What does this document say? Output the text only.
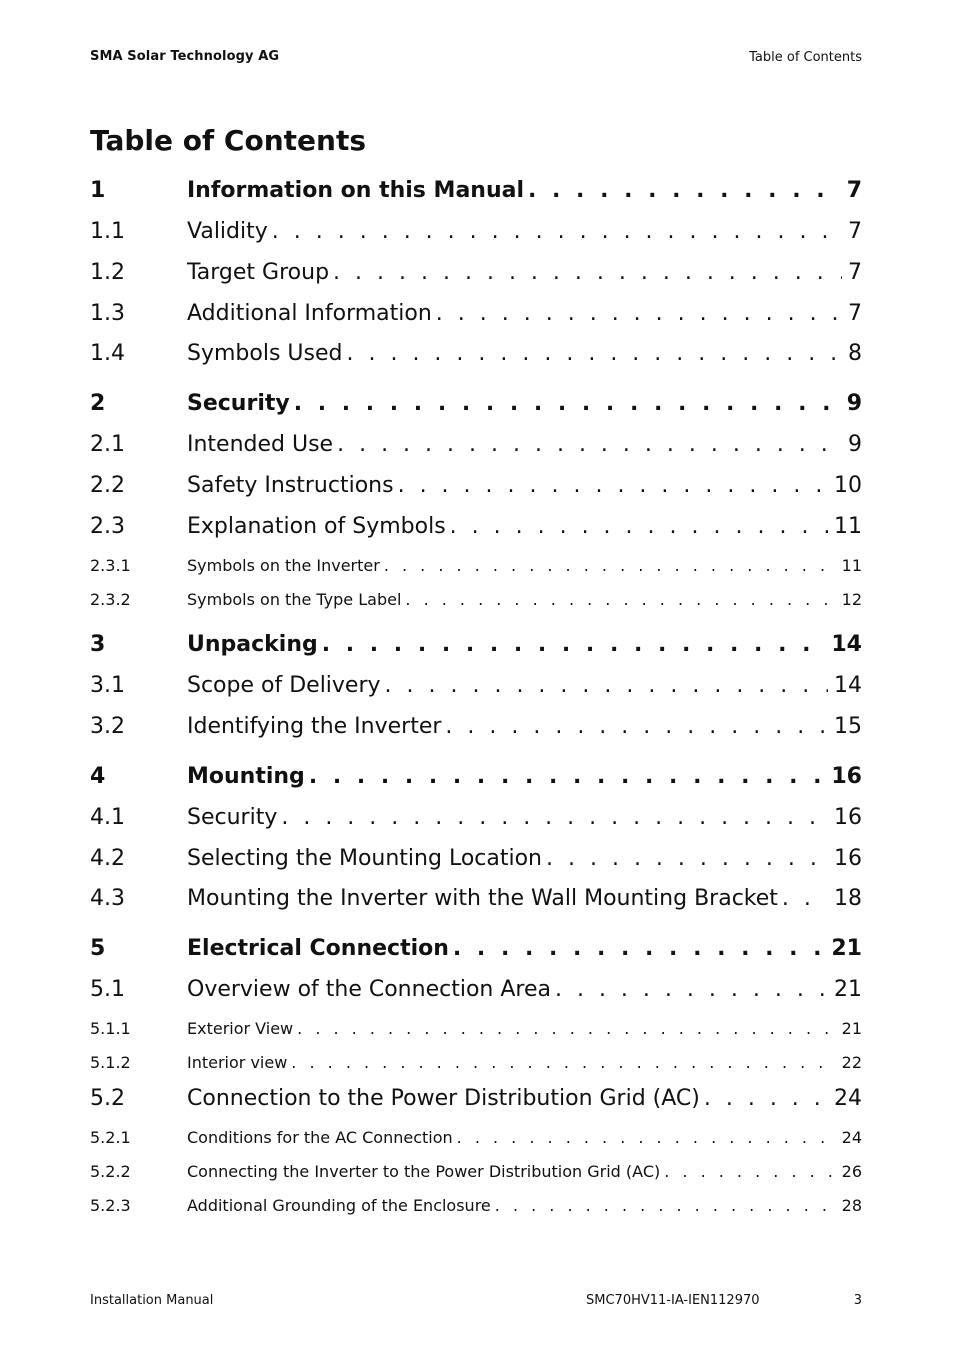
SMA Solar Technology AG	Table of Contents
Table of Contents
1	Information on this Manual . . .	7
1.1	Validity . . .	7
1.2	Target Group . . .	7
1.3	Additional Information . . .	7
1.4	Symbols Used . . .	8
2	Security . . .	9
2.1	Intended Use . . .	9
2.2	Safety Instructions . . .	10
2.3	Explanation of Symbols . . .	11
2.3.1	Symbols on the Inverter . . .	11
2.3.2	Symbols on the Type Label . . .	12
3	Unpacking . . .	14
3.1	Scope of Delivery . . .	14
3.2	Identifying the Inverter . . .	15
4	Mounting . . .	16
4.1	Security . . .	16
4.2	Selecting the Mounting Location . . .	16
4.3	Mounting the Inverter with the Wall Mounting Bracket . . .	18
5	Electrical Connection . . .	21
5.1	Overview of the Connection Area . . .	21
5.1.1	Exterior View . . .	21
5.1.2	Interior view . . .	22
5.2	Connection to the Power Distribution Grid (AC) . . .	24
5.2.1	Conditions for the AC Connection . . .	24
5.2.2	Connecting the Inverter to the Power Distribution Grid (AC) . . .	26
5.2.3	Additional Grounding of the Enclosure . . .	28
Installation Manual	SMC70HV11-IA-IEN112970	3
